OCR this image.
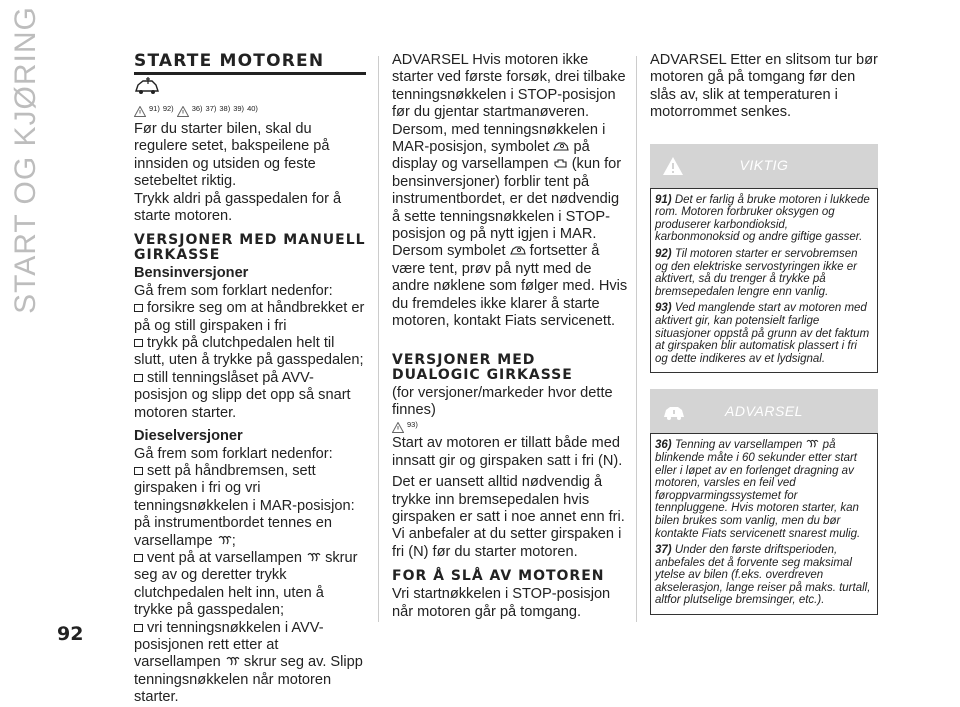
START OG KJØRING	STARTE MOTOREN
91) 92) 36) 37) 38) 39) 40)

Før du starter bilen, skal du regulere setet, bakspeilene på innsiden og utsiden og feste setebeltet riktig.

Trykk aldri på gasspedalen for å starte motoren.

VERSJONER MED MANUELL GIRKASSE
Bensinversjoner

Gå frem som forklart nedenfor:

forsikre seg om at håndbrekket er på og still girspaken i fri
trykk på clutchpedalen helt til slutt, uten å trykke på gasspedalen;
still tenningslåset på AVV-posisjon og slipp det opp så snart motoren starter.
Dieselversjoner

Gå frem som forklart nedenfor:

sett på håndbremsen, sett girspaken i fri og vri tenningsnøkkelen i MAR-posisjon: på instrumentbordet tennes en varsellampe ;
vent på at varsellampen skrur seg av og deretter trykk clutchpedalen helt inn, uten å trykke på gasspedalen;
vri tenningsnøkkelen i AVV-posisjonen rett etter at varsellampen skrur seg av. Slipp tenningsnøkkelen når motoren starter.

ADVARSEL Hvis motoren ikke starter ved første forsøk, drei tilbake tenningsnøkkelen i STOP-posisjon før du gjentar startmanøveren. Dersom, med tenningsnøkkelen i MAR-posisjon, symbolet på display og varsellampen (kun for bensinversjoner) forblir tent på instrumentbordet, er det nødvendig å sette tenningsnøkkelen i STOP-posisjon og på nytt igjen i MAR. Dersom symbolet fortsetter å være tent, prøv på nytt med de andre nøklene som følger med. Hvis du fremdeles ikke klarer å starte motoren, kontakt Fiats servicenett.

VERSJONER MED DUALOGIC GIRKASSE

(for versjoner/markeder hvor dette finnes)

93)

Start av motoren er tillatt både med innsatt gir og girspaken satt i fri (N).

Det er uansett alltid nødvendig å trykke inn bremsepedalen hvis girspaken er satt i noe annet enn fri. Vi anbefaler at du setter girspaken i fri (N) før du starter motoren.

FOR Å SLÅ AV MOTOREN

Vri startnøkkelen i STOP-posisjon når motoren går på tomgang.

ADVARSEL Etter en slitsom tur bør motoren gå på tomgang før den slås av, slik at temperaturen i motorrommet senkes.

VIKTIG

91) Det er farlig å bruke motoren i lukkede rom. Motoren forbruker oksygen og produserer karbondioksid, karbonmonoksid og andre giftige gasser.

92) Til motoren starter er servobremsen og den elektriske servostyringen ikke er aktivert, så du trenger å trykke på bremsepedalen lengre enn vanlig.

93) Ved manglende start av motoren med aktivert gir, kan potensielt farlige situasjoner oppstå på grunn av det faktum at girspaken blir automatisk plassert i fri og dette indikeres av et lydsignal.

ADVARSEL

36) Tenning av varsellampen på blinkende måte i 60 sekunder etter start eller i løpet av en forlenget dragning av motoren, varsles en feil ved føroppvarmingssystemet for tennpluggene. Hvis motoren starter, kan bilen brukes som vanlig, men du bør kontakte Fiats servicenett snarest mulig.

37) Under den første driftsperioden, anbefales det å forvente seg maksimal ytelse av bilen (f.eks. overdreven akselerasjon, lange reiser på maks. turtall, altfor plutselige bremsinger, etc.).

92
